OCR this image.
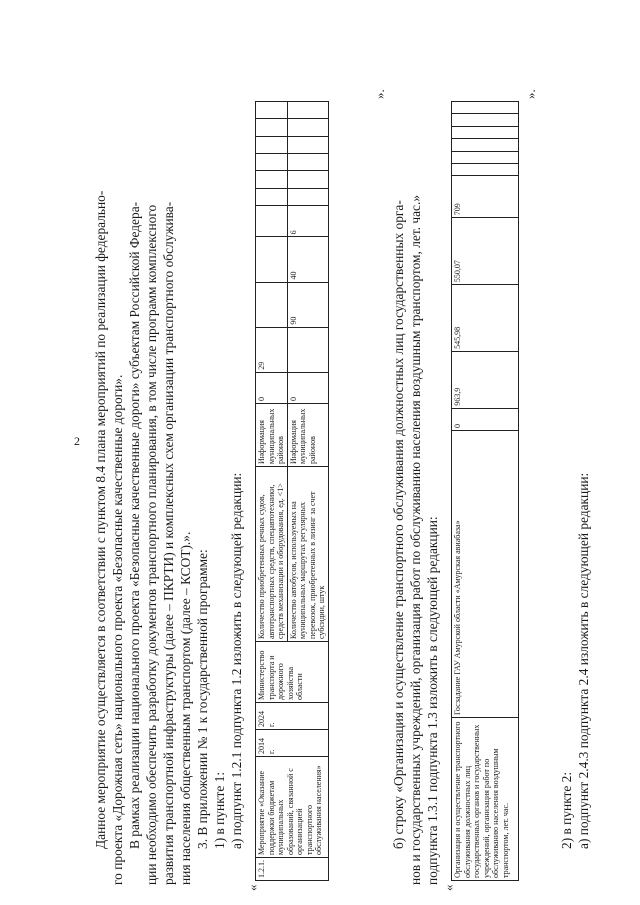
2 Данное мероприятие осуществляется в соответствии с пунктом 8.4 плана мероприятий по реализации федерально- го проекта «Дорожная сеть» национального проекта «Безопасные качественные дороги». В рамках реализации национального проекта «Безопасные качественные дороги» субъектам Российской Федера- ции необходимо обеспечить разработку документов транспортного планирования, в том числе программ комплексного развития транспортной инфраструктуры (далее – ПКРТИ) и комплексных схем организации транспортного обслужива- ния населения общественным транспортом (далее – КСОТ).». 3. В приложении № 1 к государственной программе: 1) в пункте 1: а) подпункт 1.2.1 подпункта 1.2 изложить в следующей редакции:
«
1.2.1.	Мероприятие «Оказание поддержки бюджетам муниципальных образований, связанной с организацией транспортного обслуживания населения»	2014 г.	2024 г.	Министерство транспорта и дорожного хозяйства области	Количество приобретенных речных судов, автотранспортных средств, спецавтотехники, средств механизации и оборудования, ед. <1>	Информация муниципальных районов	0	29									
					Количество автобусов, используемых на муниципальных маршрутах регулярных перевозок, приобретенных в лизинг за счет субсидии, штук	Информация муниципальных районов	0		90	40	6						
».
б) строку «Организация и осуществление транспортного обслуживания должностных лиц государственных орга- нов и государственных учреждений, организация работ по обслуживанию населения воздушным транспортом, лет. час.» подпункта 1.3.1 подпункта 1.3 изложить в следующей редакции:
«
Организация и осуществление транспортного обслуживания должностных лиц государственных органов и государственных учреждений, организация работ по обслуживанию населения воздушным транспортом, лет. час.	Госзадание ГАУ Амурской области «Амурская авиабаза»	0	963,9	545,98	550,07	709						
».
2) в пункте 2: а) подпункт 2.4.3 подпункта 2.4 изложить в следующей редакции:
